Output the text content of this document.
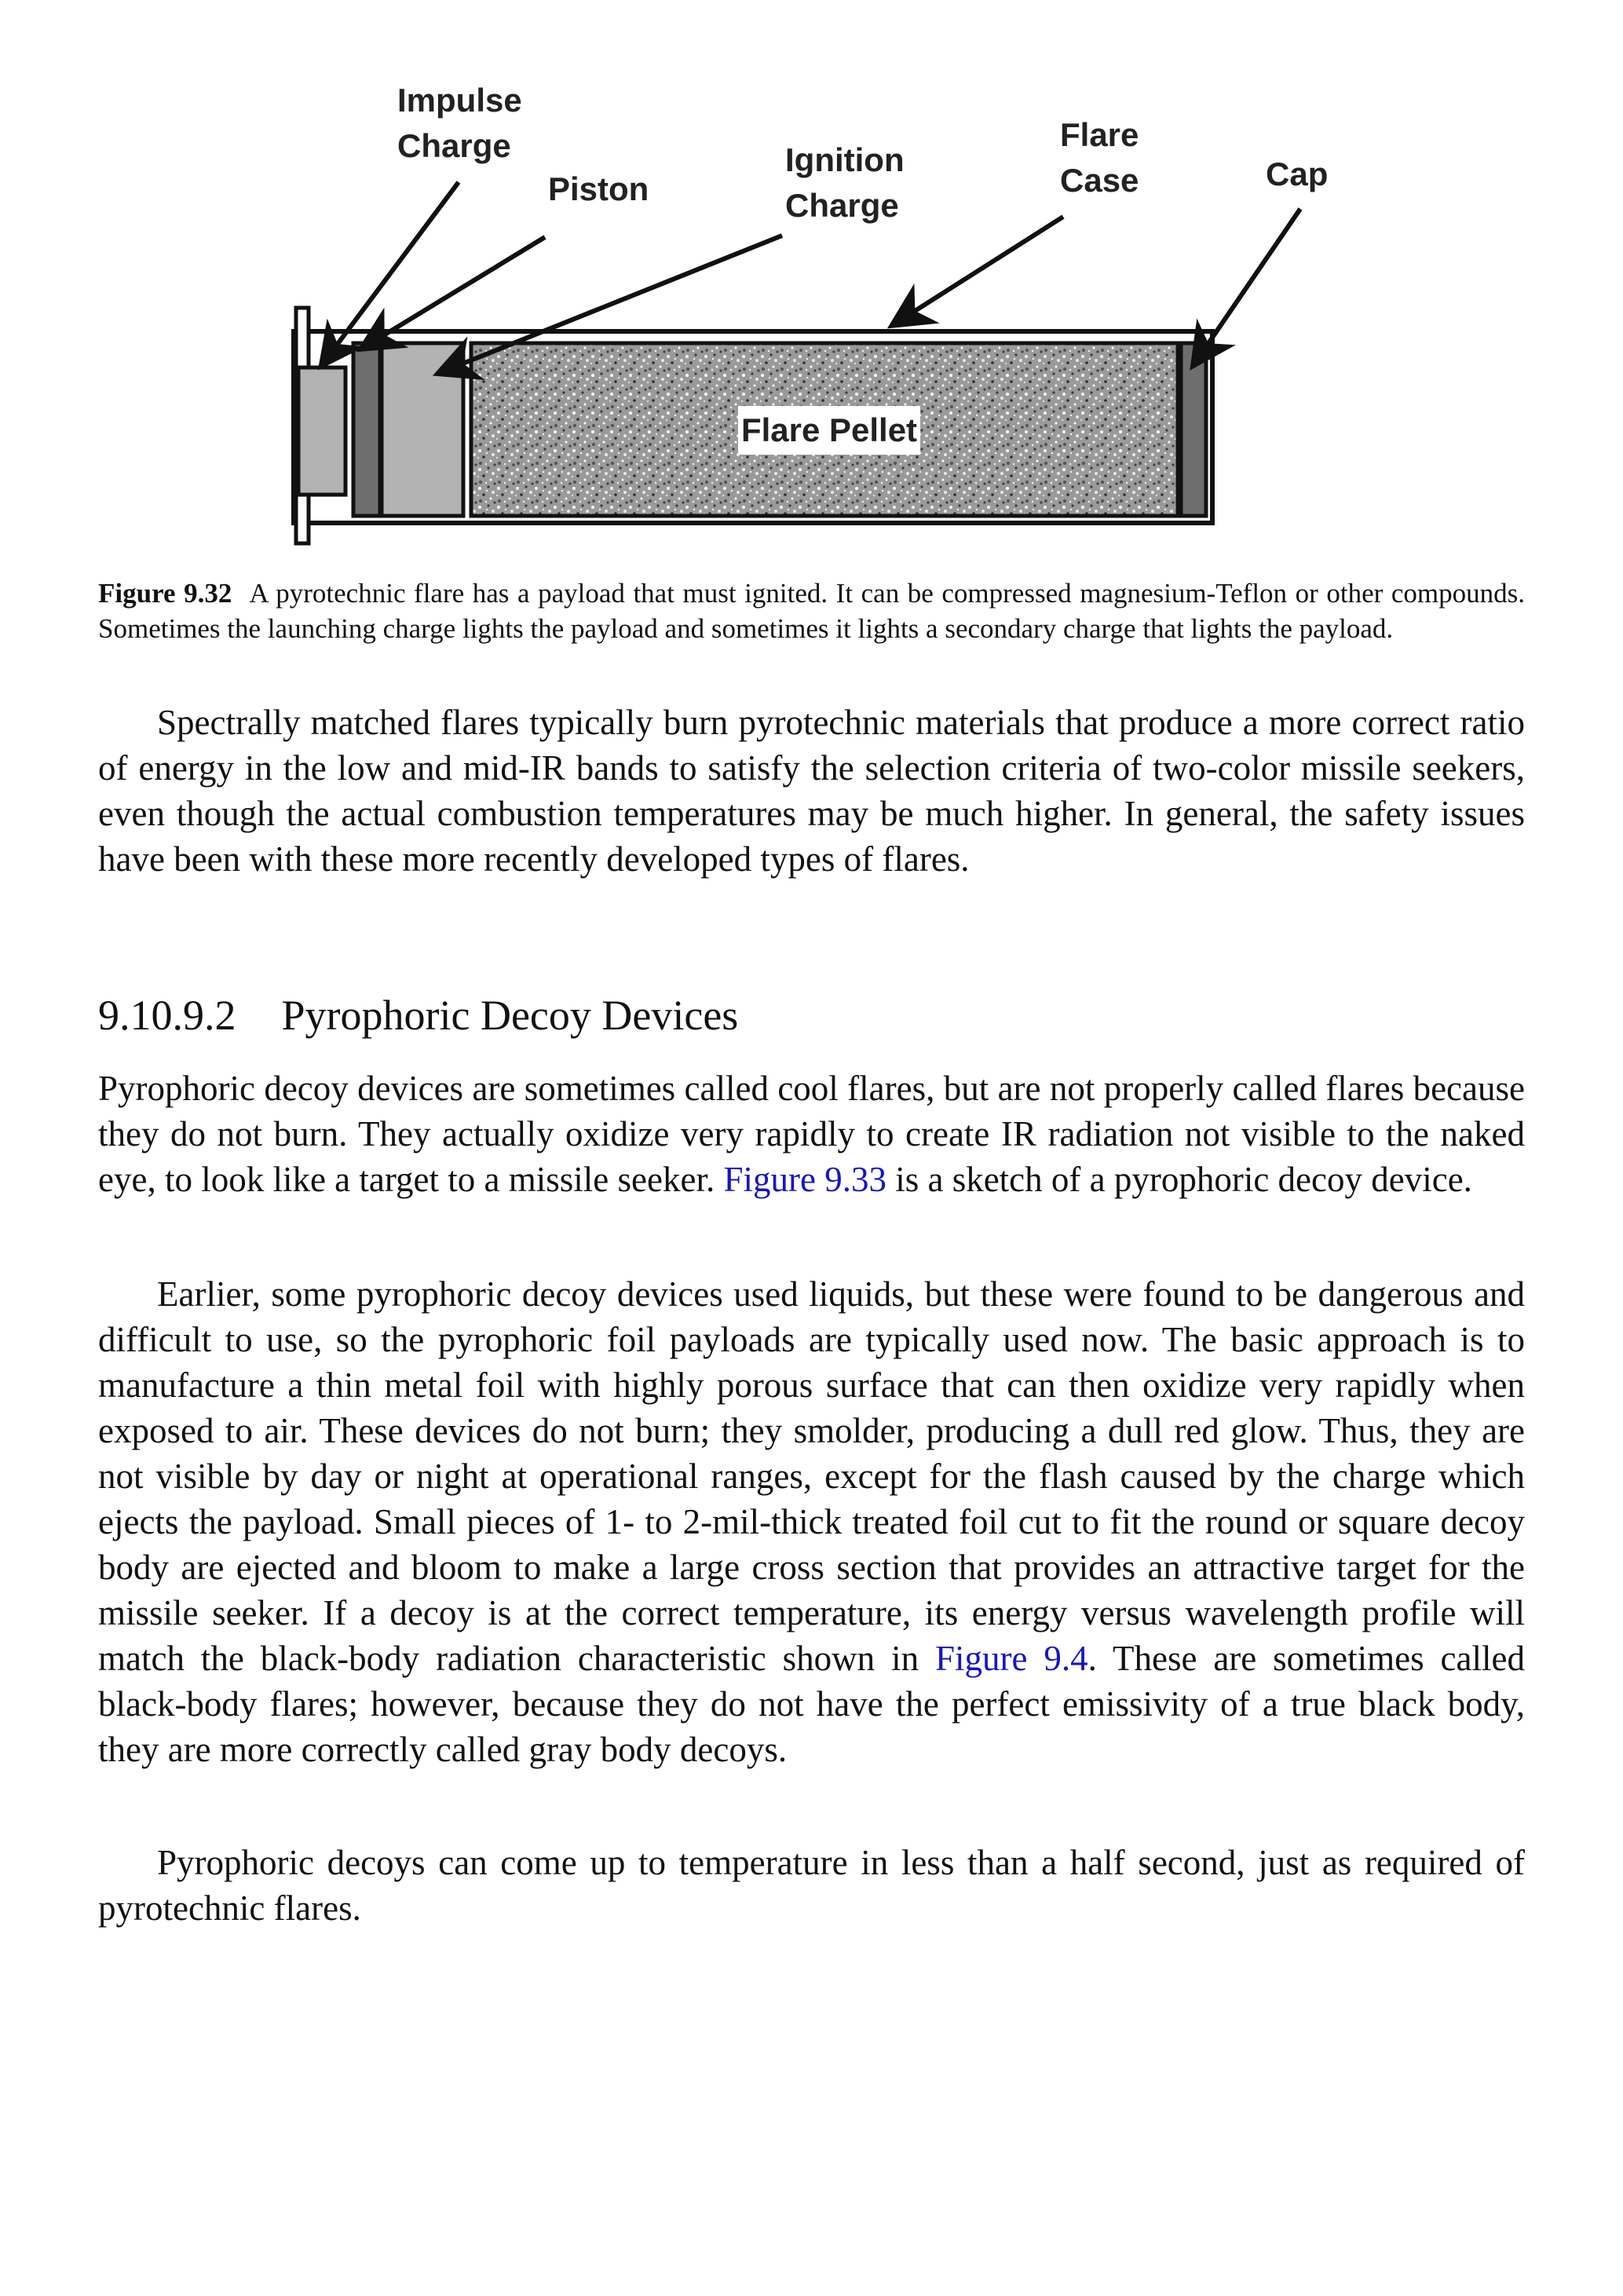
Flare Pellet
Impulse
Charge
Piston
Ignition
Charge
Flare
Case	Cap

Figure 9.32 A pyrotechnic flare has a payload that must ignited. It can be compressed magnesium-Teflon or other compounds. Sometimes the launching charge lights the payload and sometimes it lights a secondary charge that lights the payload.

Spectrally matched flares typically burn pyrotechnic materials that produce a more correct ratio of energy in the low and mid-IR bands to satisfy the selection criteria of two-color missile seekers, even though the actual combustion temperatures may be much higher. In general, the safety issues have been with these more recently developed types of flares.

9.10.9.2 Pyrophoric Decoy Devices

Pyrophoric decoy devices are sometimes called cool flares, but are not properly called flares because they do not burn. They actually oxidize very rapidly to create IR radiation not visible to the naked eye, to look like a target to a missile seeker. Figure 9.33 is a sketch of a pyrophoric decoy device.

Earlier, some pyrophoric decoy devices used liquids, but these were found to be dangerous and difficult to use, so the pyrophoric foil payloads are typically used now. The basic approach is to manufacture a thin metal foil with highly porous surface that can then oxidize very rapidly when exposed to air. These devices do not burn; they smolder, producing a dull red glow. Thus, they are not visible by day or night at operational ranges, except for the flash caused by the charge which ejects the payload. Small pieces of 1- to 2-mil-thick treated foil cut to fit the round or square decoy body are ejected and bloom to make a large cross section that provides an attractive target for the missile seeker. If a decoy is at the correct temperature, its energy versus wavelength profile will match the black-body radiation characteristic shown in Figure 9.4. These are sometimes called black-body flares; however, because they do not have the perfect emissivity of a true black body, they are more correctly called gray body decoys.

Pyrophoric decoys can come up to temperature in less than a half second, just as required of pyrotechnic flares.
